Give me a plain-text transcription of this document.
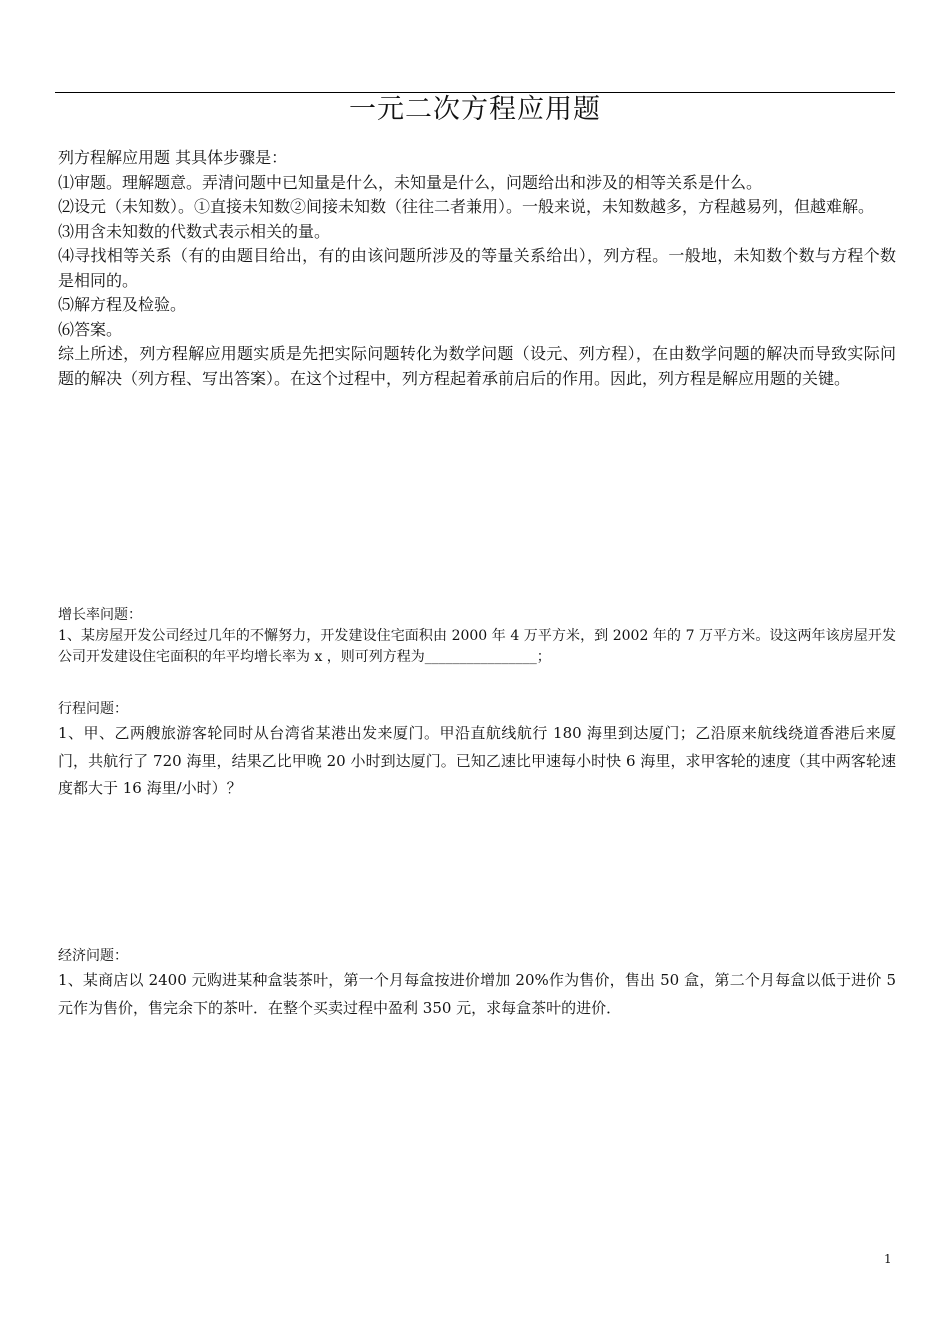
一元二次方程应用题

列方程解应用题 其具体步骤是：

⑴审题。理解题意。弄清问题中已知量是什么，未知量是什么，问题给出和涉及的相等关系是什么。

⑵设元（未知数）。①直接未知数②间接未知数（往往二者兼用）。一般来说，未知数越多，方程越易列，但越难解。

⑶用含未知数的代数式表示相关的量。

⑷寻找相等关系（有的由题目给出，有的由该问题所涉及的等量关系给出），列方程。一般地，未知数个数与方程个数是相同的。

⑸解方程及检验。

⑹答案。

综上所述，列方程解应用题实质是先把实际问题转化为数学问题（设元、列方程），在由数学问题的解决而导致实际问题的解决（列方程、写出答案）。在这个过程中，列方程起着承前启后的作用。因此，列方程是解应用题的关键。

增长率问题：

1、某房屋开发公司经过几年的不懈努力，开发建设住宅面积由 2000 年 4 万平方米，到 2002 年的 7 万平方米。设这两年该房屋开发公司开发建设住宅面积的年平均增长率为 x ，则可列方程为________________；

行程问题：

1、甲、乙两艘旅游客轮同时从台湾省某港出发来厦门。甲沿直航线航行 180 海里到达厦门；乙沿原来航线绕道香港后来厦门，共航行了 720 海里，结果乙比甲晚 20 小时到达厦门。已知乙速比甲速每小时快 6 海里，求甲客轮的速度（其中两客轮速度都大于 16 海里/小时）？

经济问题：

1、某商店以 2400 元购进某种盒装茶叶，第一个月每盒按进价增加 20%作为售价，售出 50 盒，第二个月每盒以低于进价 5 元作为售价，售完余下的茶叶．在整个买卖过程中盈利 350 元，求每盒茶叶的进价．

1
